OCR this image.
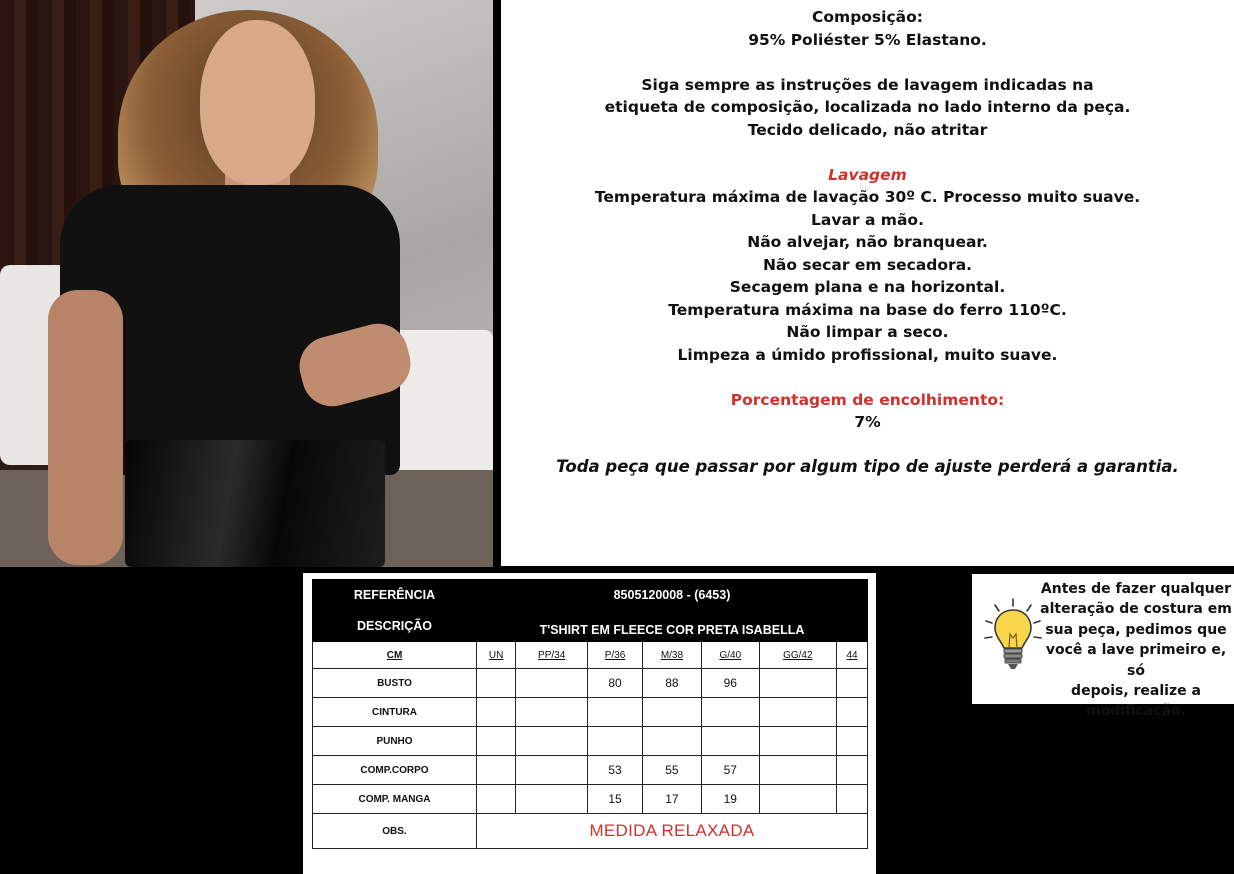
Composição:
95% Poliéster 5% Elastano.
Siga sempre as instruções de lavagem indicadas na
etiqueta de composição, localizada no lado interno da peça.
Tecido delicado, não atritar
Lavagem
Temperatura máxima de lavação 30º C. Processo muito suave.
Lavar a mão.
Não alvejar, não branquear.
Não secar em secadora.
Secagem plana e na horizontal.
Temperatura máxima na base do ferro 110ºC.
Não limpar a seco.
Limpeza a úmido profissional, muito suave.
Porcentagem de encolhimento:
7%
Toda peça que passar por algum tipo de ajuste perderá a garantia.
REFERÊNCIA	8505120008 - (6453)						
DESCRIÇÃO	T'SHIRT EM FLEECE COR PRETA ISABELLA						
CM	UN	PP/34	P/36	M/38	G/40	GG/42	44
BUSTO			80	88	96		
CINTURA							
PUNHO							
COMP.CORPO			53	55	57		
COMP. MANGA			15	17	19		
OBS.	MEDIDA RELAXADA						
Antes de fazer qualquer
alteração de costura em
sua peça, pedimos que
você a lave primeiro e, só
depois, realize a
modificação.
